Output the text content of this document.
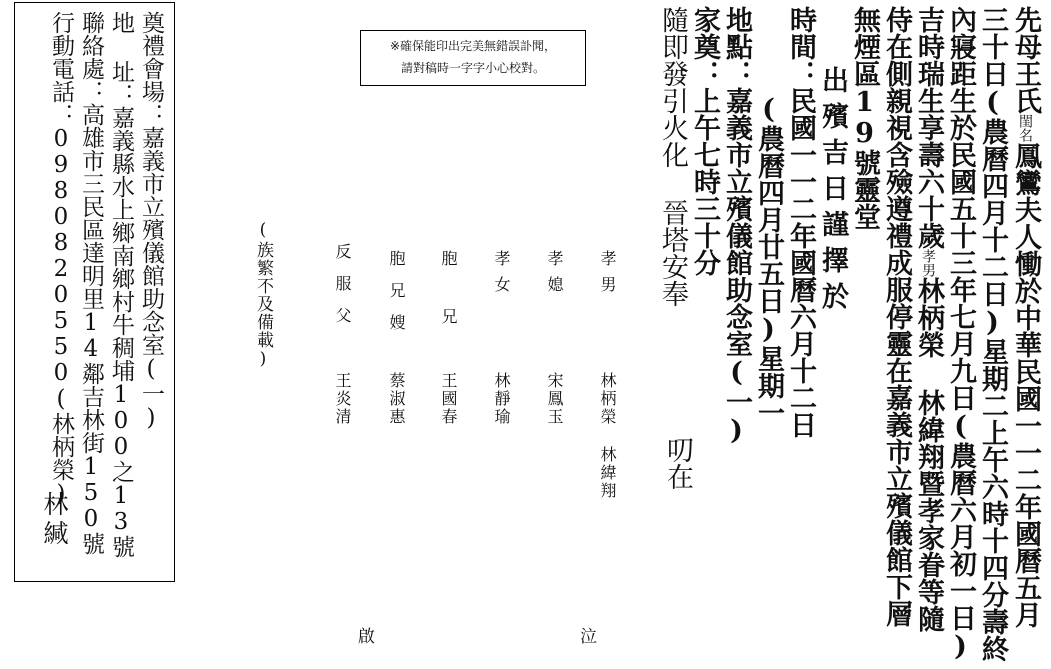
先母王氏閨名鳳鸞夫人慟於中華民國一一二年國曆五月
三十日(農曆四月十二日)星期二上午六時十四分壽終
內寢距生於民國五十三年七月九日(農曆六月初一日)
吉時瑞生享壽六十歲孝男林柄榮 林緯翔暨孝家眷等隨
侍在側親視含殮遵禮成服停靈在嘉義市立殯儀館下層
無煙區19號靈堂
出殯吉日謹擇於
時間：民國一一二年國曆六月十二日
(農曆四月廿五日)星期一
地點：嘉義市立殯儀館助念室(一)
家奠：上午七時三十分
隨即發引火化 晉塔安奉
叨在
※確保能印出完美無錯誤訃聞，
請對稿時一字字小心校對。
孝男
林柄榮
林緯翔
孝媳
宋鳳玉
孝女
林靜瑜
胞兄
王國春
胞兄嫂
蔡淑惠
反服父
王炎清
(族繁不及備載)
奠禮會場：嘉義市立殯儀館助念室(一)
地 址：嘉義縣水上鄉南鄉村牛稠埔100之13號
聯絡處：高雄市三民區達明里14鄰吉林街150號
行動電話：0980820550(林柄榮)
林緘
啟	泣
